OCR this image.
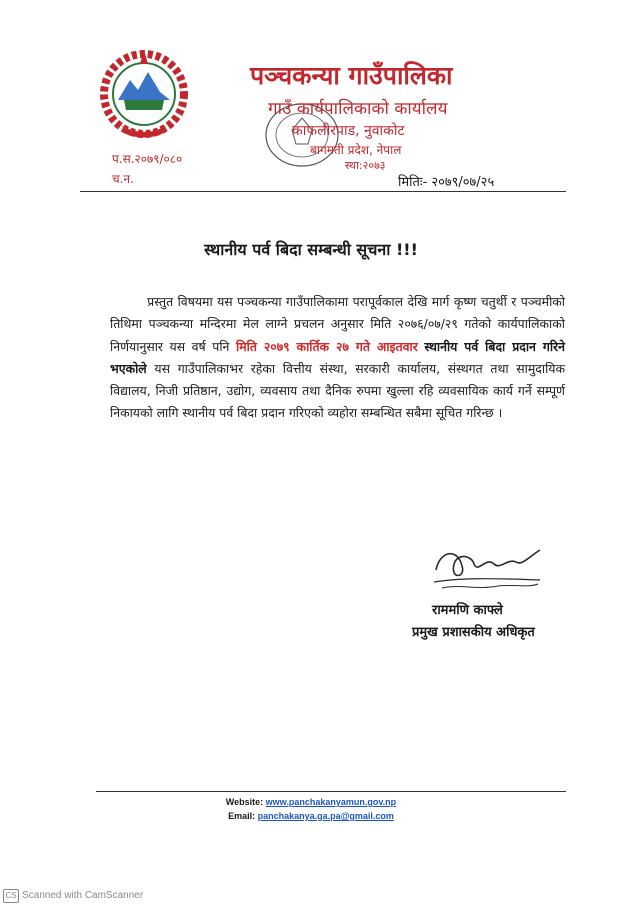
पञ्चकन्या गाउँपालिका
गाउँ कार्यपालिकाको कार्यालय
काफलीरपाड, नुवाकोट
बागमती प्रदेश, नेपाल
स्था:२०७३
प.स.२०७९/०८०
च.न.	मितिः- २०७९/०७/२५
स्थानीय पर्व बिदा सम्बन्धी सूचना !!!

   प्रस्तुत विषयमा यस पञ्चकन्या गाउँपालिकामा परापूर्वकाल देखि मार्ग कृष्ण चतुर्थी र पञ्चमीको तिथिमा पञ्चकन्या मन्दिरमा मेल लाग्ने प्रचलन अनुसार मिति २०७६/०७/२९ गतेको कार्यपालिकाको निर्णयानुसार यस वर्ष पनि मिति २०७९ कार्तिक २७ गते आइतवार स्थानीय पर्व बिदा प्रदान गरिने भएकोले यस गाउँपालिकाभर रहेका वित्तीय संस्था, सरकारी कार्यालय, संस्थगत तथा सामुदायिक विद्यालय, निजी प्रतिष्ठान, उद्योग, व्यवसाय तथा दैनिक रुपमा खुल्ला रहि व्यवसायिक कार्य गर्ने सम्पूर्ण निकायको लागि स्थानीय पर्व बिदा प्रदान गरिएको व्यहोरा सम्बन्धित सबैमा सूचित गरिन्छ ।

राममणि काफ्ले
प्रमुख प्रशासकीय अधिकृत
Website: www.panchakanyamun.gov.np
Email: panchakanya.ga.pa@gmail.com
CS Scanned with CamScanner
